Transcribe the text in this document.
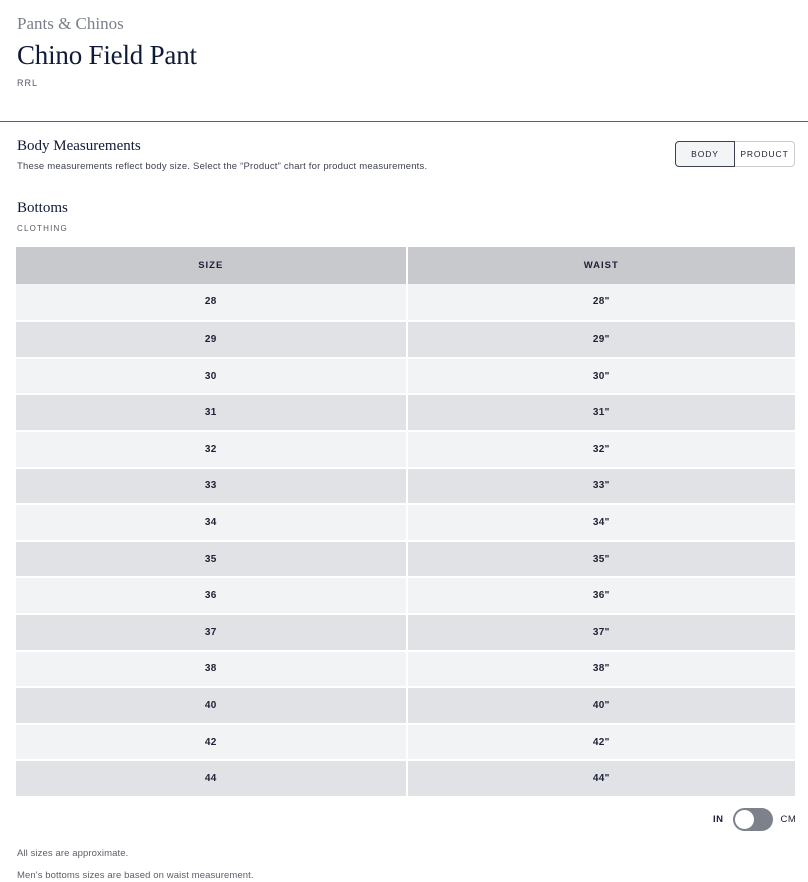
Pants & Chinos
Chino Field Pant
RRL
Body Measurements
These measurements reflect body size. Select the “Product” chart for product measurements.
BODY	PRODUCT
Bottoms
CLOTHING
SIZE	WAIST
28	28"
29	29"
30	30"
31	31"
32	32"
33	33"
34	34"
35	35"
36	36"
37	37"
38	38"
40	40"
42	42"
44	44"
IN	CM
All sizes are approximate.
Men's bottoms sizes are based on waist measurement.
